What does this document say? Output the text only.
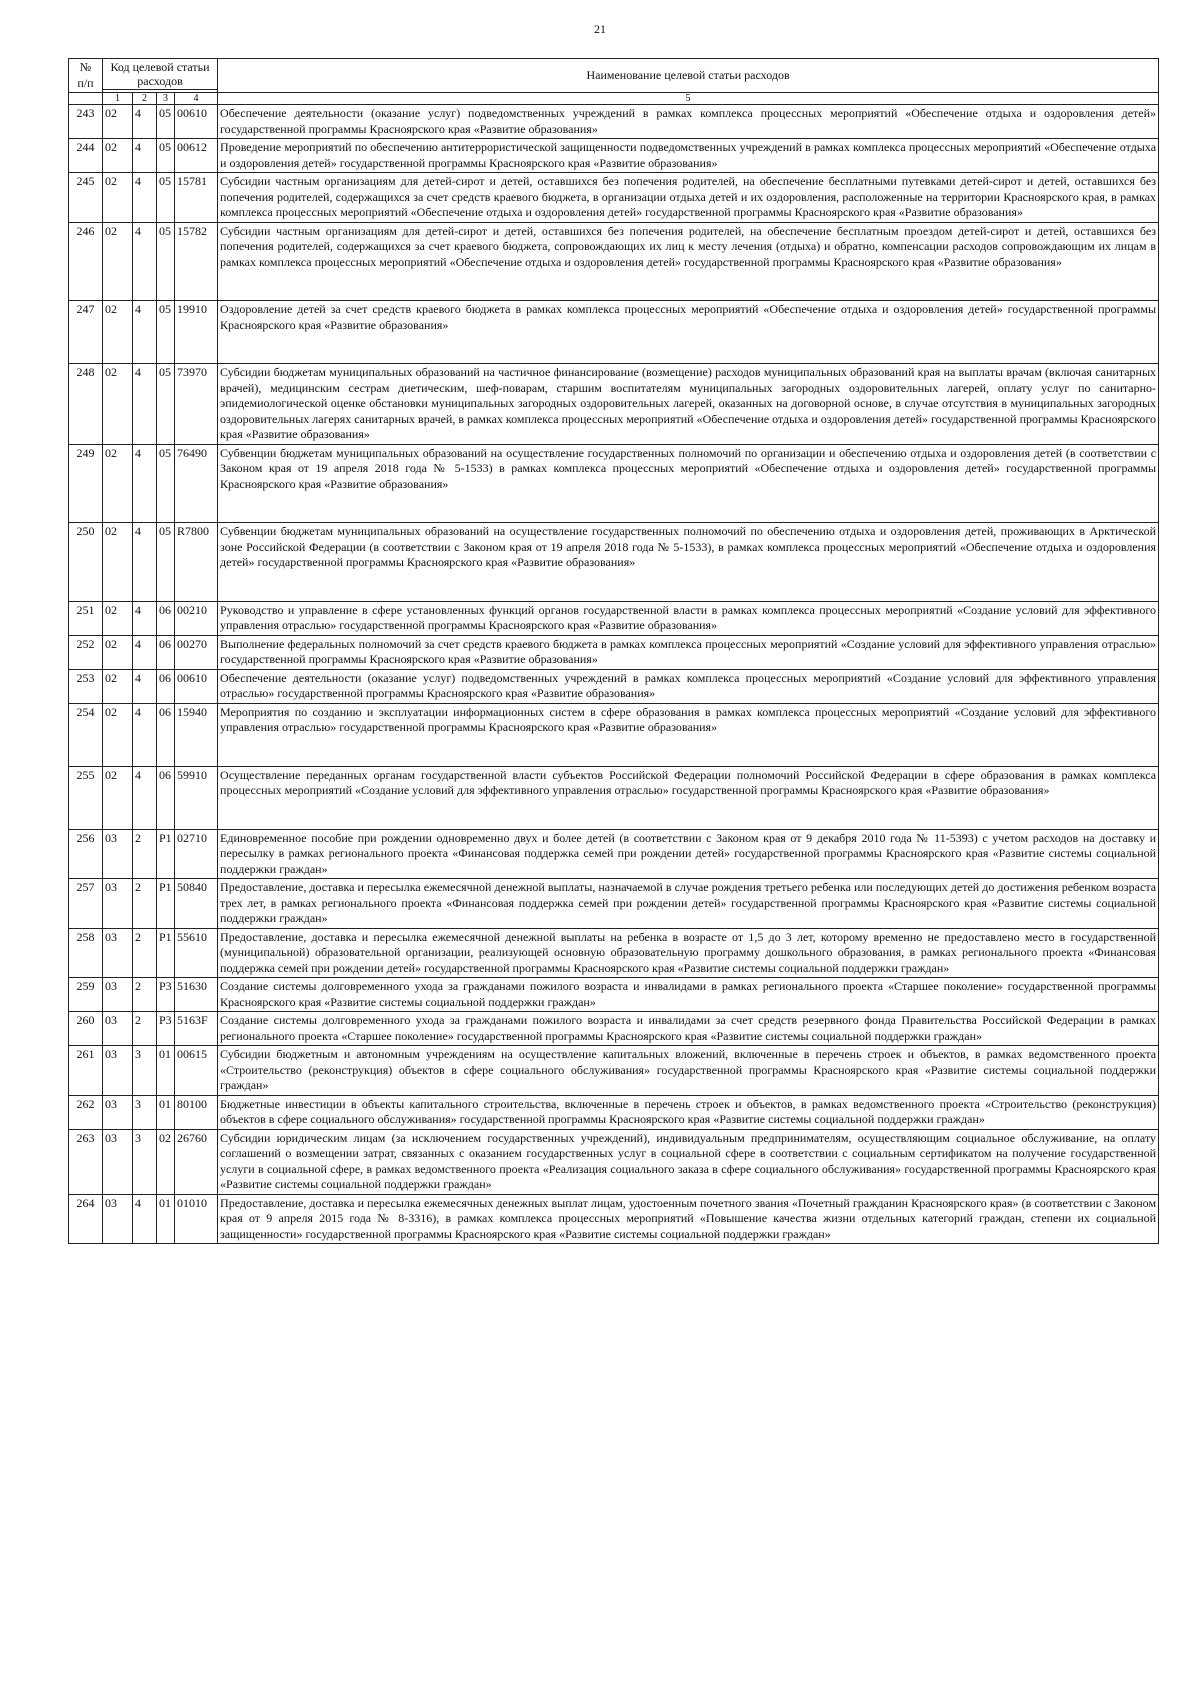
21
№
п/п	Код целевой статьи
расходов				Наименование целевой статьи расходов

	1	2	3	4	5
243	02	4	05	00610	Обеспечение деятельности (оказание услуг) подведомственных учреждений в рамках комплекса процессных мероприятий «Обеспечение отдыха и оздоровления детей» государственной программы Красноярского края «Развитие образования»
244	02	4	05	00612	Проведение мероприятий по обеспечению антитеррористической защищенности подведомственных учреждений в рамках комплекса процессных мероприятий «Обеспечение отдыха и оздоровления детей» государственной программы Красноярского края «Развитие образования»
245	02	4	05	15781	Субсидии частным организациям для детей-сирот и детей, оставшихся без попечения родителей, на обеспечение бесплатными путевками детей-сирот и детей, оставшихся без попечения родителей, содержащихся за счет средств краевого бюджета, в организации отдыха детей и их оздоровления, расположенные на территории Красноярского края, в рамках комплекса процессных мероприятий «Обеспечение отдыха и оздоровления детей» государственной программы Красноярского края «Развитие образования»
246	02	4	05	15782	Субсидии частным организациям для детей-сирот и детей, оставшихся без попечения родителей, на обеспечение бесплатным проездом детей-сирот и детей, оставшихся без попечения родителей, содержащихся за счет краевого бюджета, сопровождающих их лиц к месту лечения (отдыха) и обратно, компенсации расходов сопровождающим их лицам в рамках комплекса процессных мероприятий «Обеспечение отдыха и оздоровления детей» государственной программы Красноярского края «Развитие образования»
247	02	4	05	19910	Оздоровление детей за счет средств краевого бюджета в рамках комплекса процессных мероприятий «Обеспечение отдыха и оздоровления детей» государственной программы Красноярского края «Развитие образования»
248	02	4	05	73970	Субсидии бюджетам муниципальных образований на частичное финансирование (возмещение) расходов муниципальных образований края на выплаты врачам (включая санитарных врачей), медицинским сестрам диетическим, шеф-поварам, старшим воспитателям муниципальных загородных оздоровительных лагерей, оплату услуг по санитарно-эпидемиологической оценке обстановки муниципальных загородных оздоровительных лагерей, оказанных на договорной основе, в случае отсутствия в муниципальных загородных оздоровительных лагерях санитарных врачей, в рамках комплекса процессных мероприятий «Обеспечение отдыха и оздоровления детей» государственной программы Красноярского края «Развитие образования»
249	02	4	05	76490	Субвенции бюджетам муниципальных образований на осуществление государственных полномочий по организации и обеспечению отдыха и оздоровления детей (в соответствии с Законом края от 19 апреля 2018 года № 5-1533) в рамках комплекса процессных мероприятий «Обеспечение отдыха и оздоровления детей» государственной программы Красноярского края «Развитие образования»
250	02	4	05	R7800	Субвенции бюджетам муниципальных образований на осуществление государственных полномочий по обеспечению отдыха и оздоровления детей, проживающих в Арктической зоне Российской Федерации (в соответствии с Законом края от 19 апреля 2018 года № 5-1533), в рамках комплекса процессных мероприятий «Обеспечение отдыха и оздоровления детей» государственной программы Красноярского края «Развитие образования»
251	02	4	06	00210	Руководство и управление в сфере установленных функций органов государственной власти в рамках комплекса процессных мероприятий «Создание условий для эффективного управления отраслью» государственной программы Красноярского края «Развитие образования»
252	02	4	06	00270	Выполнение федеральных полномочий за счет средств краевого бюджета в рамках комплекса процессных мероприятий «Создание условий для эффективного управления отраслью» государственной программы Красноярского края «Развитие образования»
253	02	4	06	00610	Обеспечение деятельности (оказание услуг) подведомственных учреждений в рамках комплекса процессных мероприятий «Создание условий для эффективного управления отраслью» государственной программы Красноярского края «Развитие образования»
254	02	4	06	15940	Мероприятия по созданию и эксплуатации информационных систем в сфере образования в рамках комплекса процессных мероприятий «Создание условий для эффективного управления отраслью» государственной программы Красноярского края «Развитие образования»
255	02	4	06	59910	Осуществление переданных органам государственной власти субъектов Российской Федерации полномочий Российской Федерации в сфере образования в рамках комплекса процессных мероприятий «Создание условий для эффективного управления отраслью» государственной программы Красноярского края «Развитие образования»
256	03	2	P1	02710	Единовременное пособие при рождении одновременно двух и более детей (в соответствии с Законом края от 9 декабря 2010 года № 11-5393) с учетом расходов на доставку и пересылку в рамках регионального проекта «Финансовая поддержка семей при рождении детей» государственной программы Красноярского края «Развитие системы социальной поддержки граждан»
257	03	2	P1	50840	Предоставление, доставка и пересылка ежемесячной денежной выплаты, назначаемой в случае рождения третьего ребенка или последующих детей до достижения ребенком возраста трех лет, в рамках регионального проекта «Финансовая поддержка семей при рождении детей» государственной программы Красноярского края «Развитие системы социальной поддержки граждан»
258	03	2	P1	55610	Предоставление, доставка и пересылка ежемесячной денежной выплаты на ребенка в возрасте от 1,5 до 3 лет, которому временно не предоставлено место в государственной (муниципальной) образовательной организации, реализующей основную образовательную программу дошкольного образования, в рамках регионального проекта «Финансовая поддержка семей при рождении детей» государственной программы Красноярского края «Развитие системы социальной поддержки граждан»
259	03	2	P3	51630	Создание системы долговременного ухода за гражданами пожилого возраста и инвалидами в рамках регионального проекта «Старшее поколение» государственной программы Красноярского края «Развитие системы социальной поддержки граждан»
260	03	2	P3	5163F	Создание системы долговременного ухода за гражданами пожилого возраста и инвалидами за счет средств резервного фонда Правительства Российской Федерации в рамках регионального проекта «Старшее поколение» государственной программы Красноярского края «Развитие системы социальной поддержки граждан»
261	03	3	01	00615	Субсидии бюджетным и автономным учреждениям на осуществление капитальных вложений, включенные в перечень строек и объектов, в рамках ведомственного проекта «Строительство (реконструкция) объектов в сфере социального обслуживания» государственной программы Красноярского края «Развитие системы социальной поддержки граждан»
262	03	3	01	80100	Бюджетные инвестиции в объекты капитального строительства, включенные в перечень строек и объектов, в рамках ведомственного проекта «Строительство (реконструкция) объектов в сфере социального обслуживания» государственной программы Красноярского края «Развитие системы социальной поддержки граждан»
263	03	3	02	26760	Субсидии юридическим лицам (за исключением государственных учреждений), индивидуальным предпринимателям, осуществляющим социальное обслуживание, на оплату соглашений о возмещении затрат, связанных с оказанием государственных услуг в социальной сфере в соответствии с социальным сертификатом на получение государственной услуги в социальной сфере, в рамках ведомственного проекта «Реализация социального заказа в сфере социального обслуживания» государственной программы Красноярского края «Развитие системы социальной поддержки граждан»
264	03	4	01	01010	Предоставление, доставка и пересылка ежемесячных денежных выплат лицам, удостоенным почетного звания «Почетный гражданин Красноярского края» (в соответствии с Законом края от 9 апреля 2015 года № 8-3316), в рамках комплекса процессных мероприятий «Повышение качества жизни отдельных категорий граждан, степени их социальной защищенности» государственной программы Красноярского края «Развитие системы социальной поддержки граждан»
